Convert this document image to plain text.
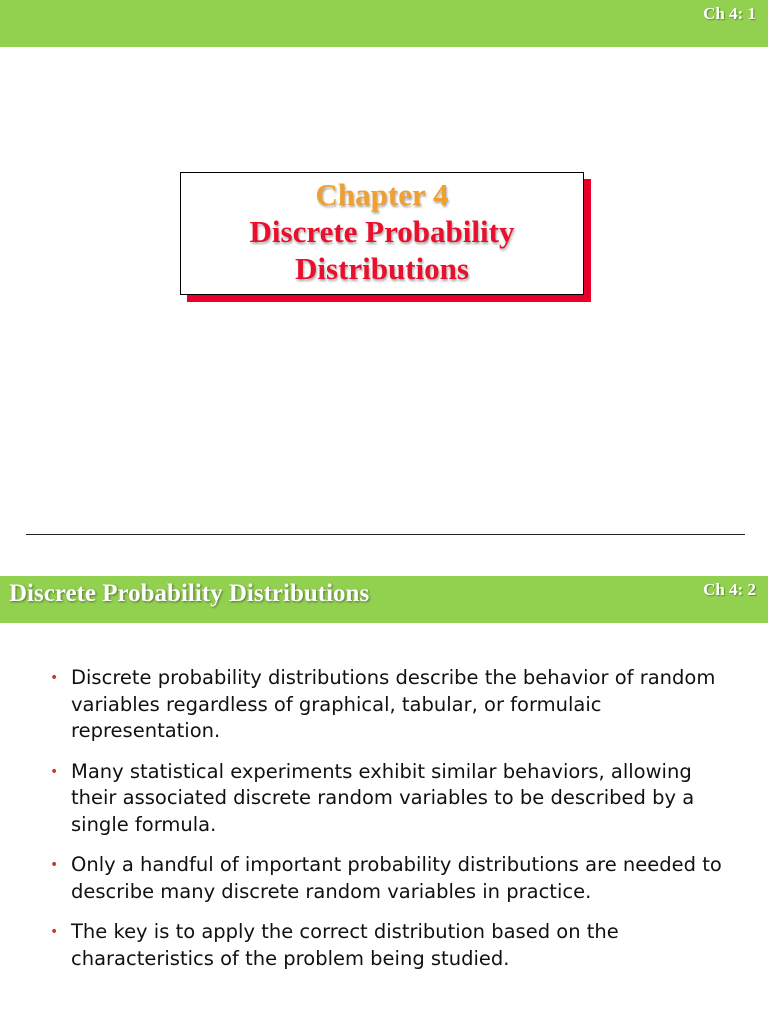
Ch 4: 1
Chapter 4
Discrete Probability
Distributions
Discrete Probability Distributions	Ch 4: 2
• Discrete probability distributions describe the behavior of random variables regardless of graphical, tabular, or formulaic representation.
• Many statistical experiments exhibit similar behaviors, allowing their associated discrete random variables to be described by a single formula.
• Only a handful of important probability distributions are needed to describe many discrete random variables in practice.
• The key is to apply the correct distribution based on the characteristics of the problem being studied.
